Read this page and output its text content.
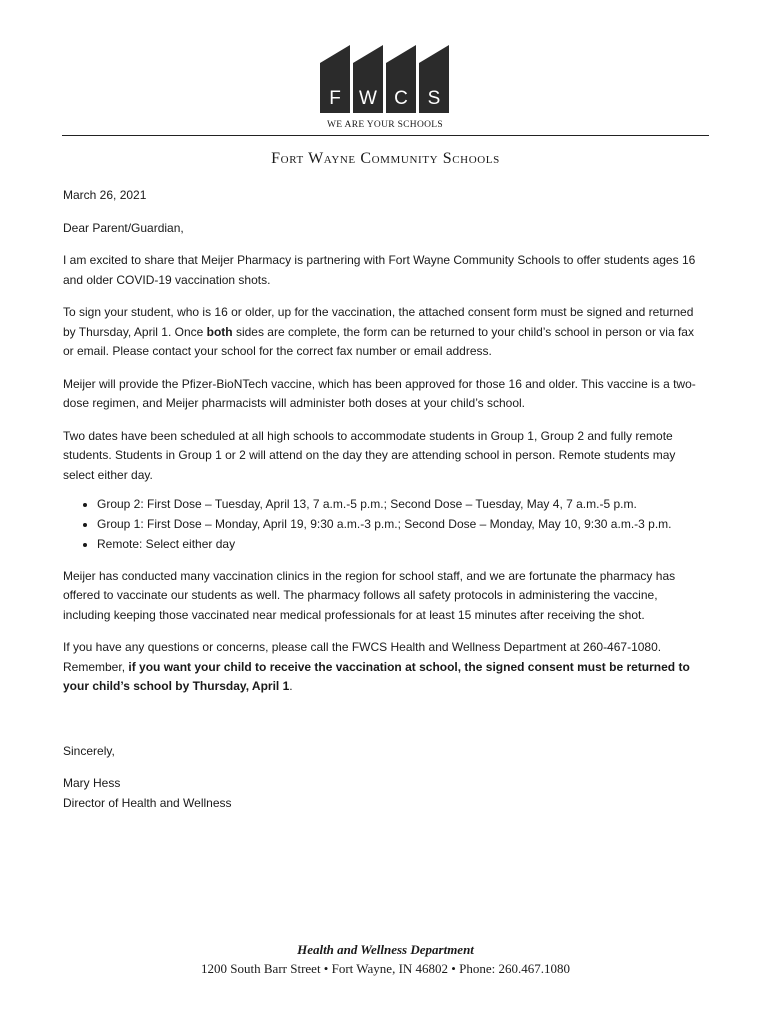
F W C S
WE ARE YOUR SCHOOLS
Fort Wayne Community Schools

March 26, 2021

Dear Parent/Guardian,

I am excited to share that Meijer Pharmacy is partnering with Fort Wayne Community Schools to offer students ages 16 and older COVID-19 vaccination shots.

To sign your student, who is 16 or older, up for the vaccination, the attached consent form must be signed and returned by Thursday, April 1. Once both sides are complete, the form can be returned to your child’s school in person or via fax or email. Please contact your school for the correct fax number or email address.

Meijer will provide the Pfizer-BioNTech vaccine, which has been approved for those 16 and older. This vaccine is a two-dose regimen, and Meijer pharmacists will administer both doses at your child’s school.

Two dates have been scheduled at all high schools to accommodate students in Group 1, Group 2 and fully remote students. Students in Group 1 or 2 will attend on the day they are attending school in person. Remote students may select either day.

• Group 2: First Dose – Tuesday, April 13, 7 a.m.-5 p.m.; Second Dose – Tuesday, May 4, 7 a.m.-5 p.m.
• Group 1: First Dose – Monday, April 19, 9:30 a.m.-3 p.m.; Second Dose – Monday, May 10, 9:30 a.m.-3 p.m.
• Remote: Select either day

Meijer has conducted many vaccination clinics in the region for school staff, and we are fortunate the pharmacy has offered to vaccinate our students as well. The pharmacy follows all safety protocols in administering the vaccine, including keeping those vaccinated near medical professionals for at least 15 minutes after receiving the shot.

If you have any questions or concerns, please call the FWCS Health and Wellness Department at 260-467-1080. Remember, if you want your child to receive the vaccination at school, the signed consent must be returned to your child’s school by Thursday, April 1.

Sincerely,

Mary Hess
Director of Health and Wellness
Health and Wellness Department
1200 South Barr Street • Fort Wayne, IN 46802 • Phone: 260.467.1080
